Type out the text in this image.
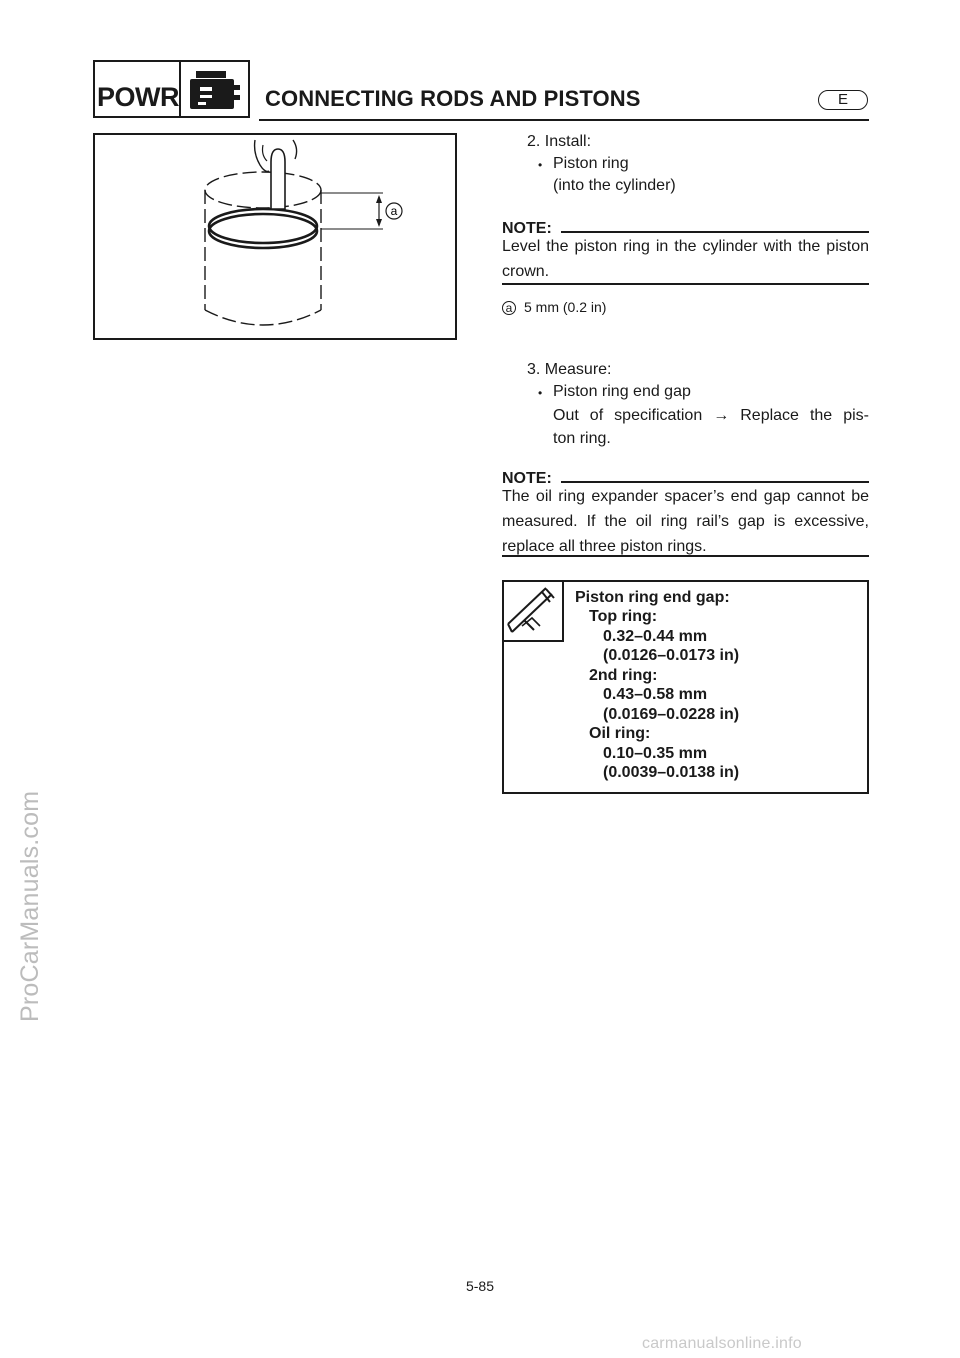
ProCarManuals.com
POWR	CONNECTING RODS AND PISTONS	E
a
2. Install:
• Piston ring
(into the cylinder)
NOTE:
Level the piston ring in the cylinder with the piston crown.
a 5 mm (0.2 in)
3. Measure:
• Piston ring end gap
Out of specification → Replace the pis-
ton ring.
NOTE:
The oil ring expander spacer’s end gap cannot be measured. If the oil ring rail’s gap is excessive, replace all three piston rings.
Piston ring end gap:
Top ring:
0.32–0.44 mm
(0.0126–0.0173 in)
2nd ring:
0.43–0.58 mm
(0.0169–0.0228 in)
Oil ring:
0.10–0.35 mm
(0.0039–0.0138 in)
5-85
carmanualsonline.info
